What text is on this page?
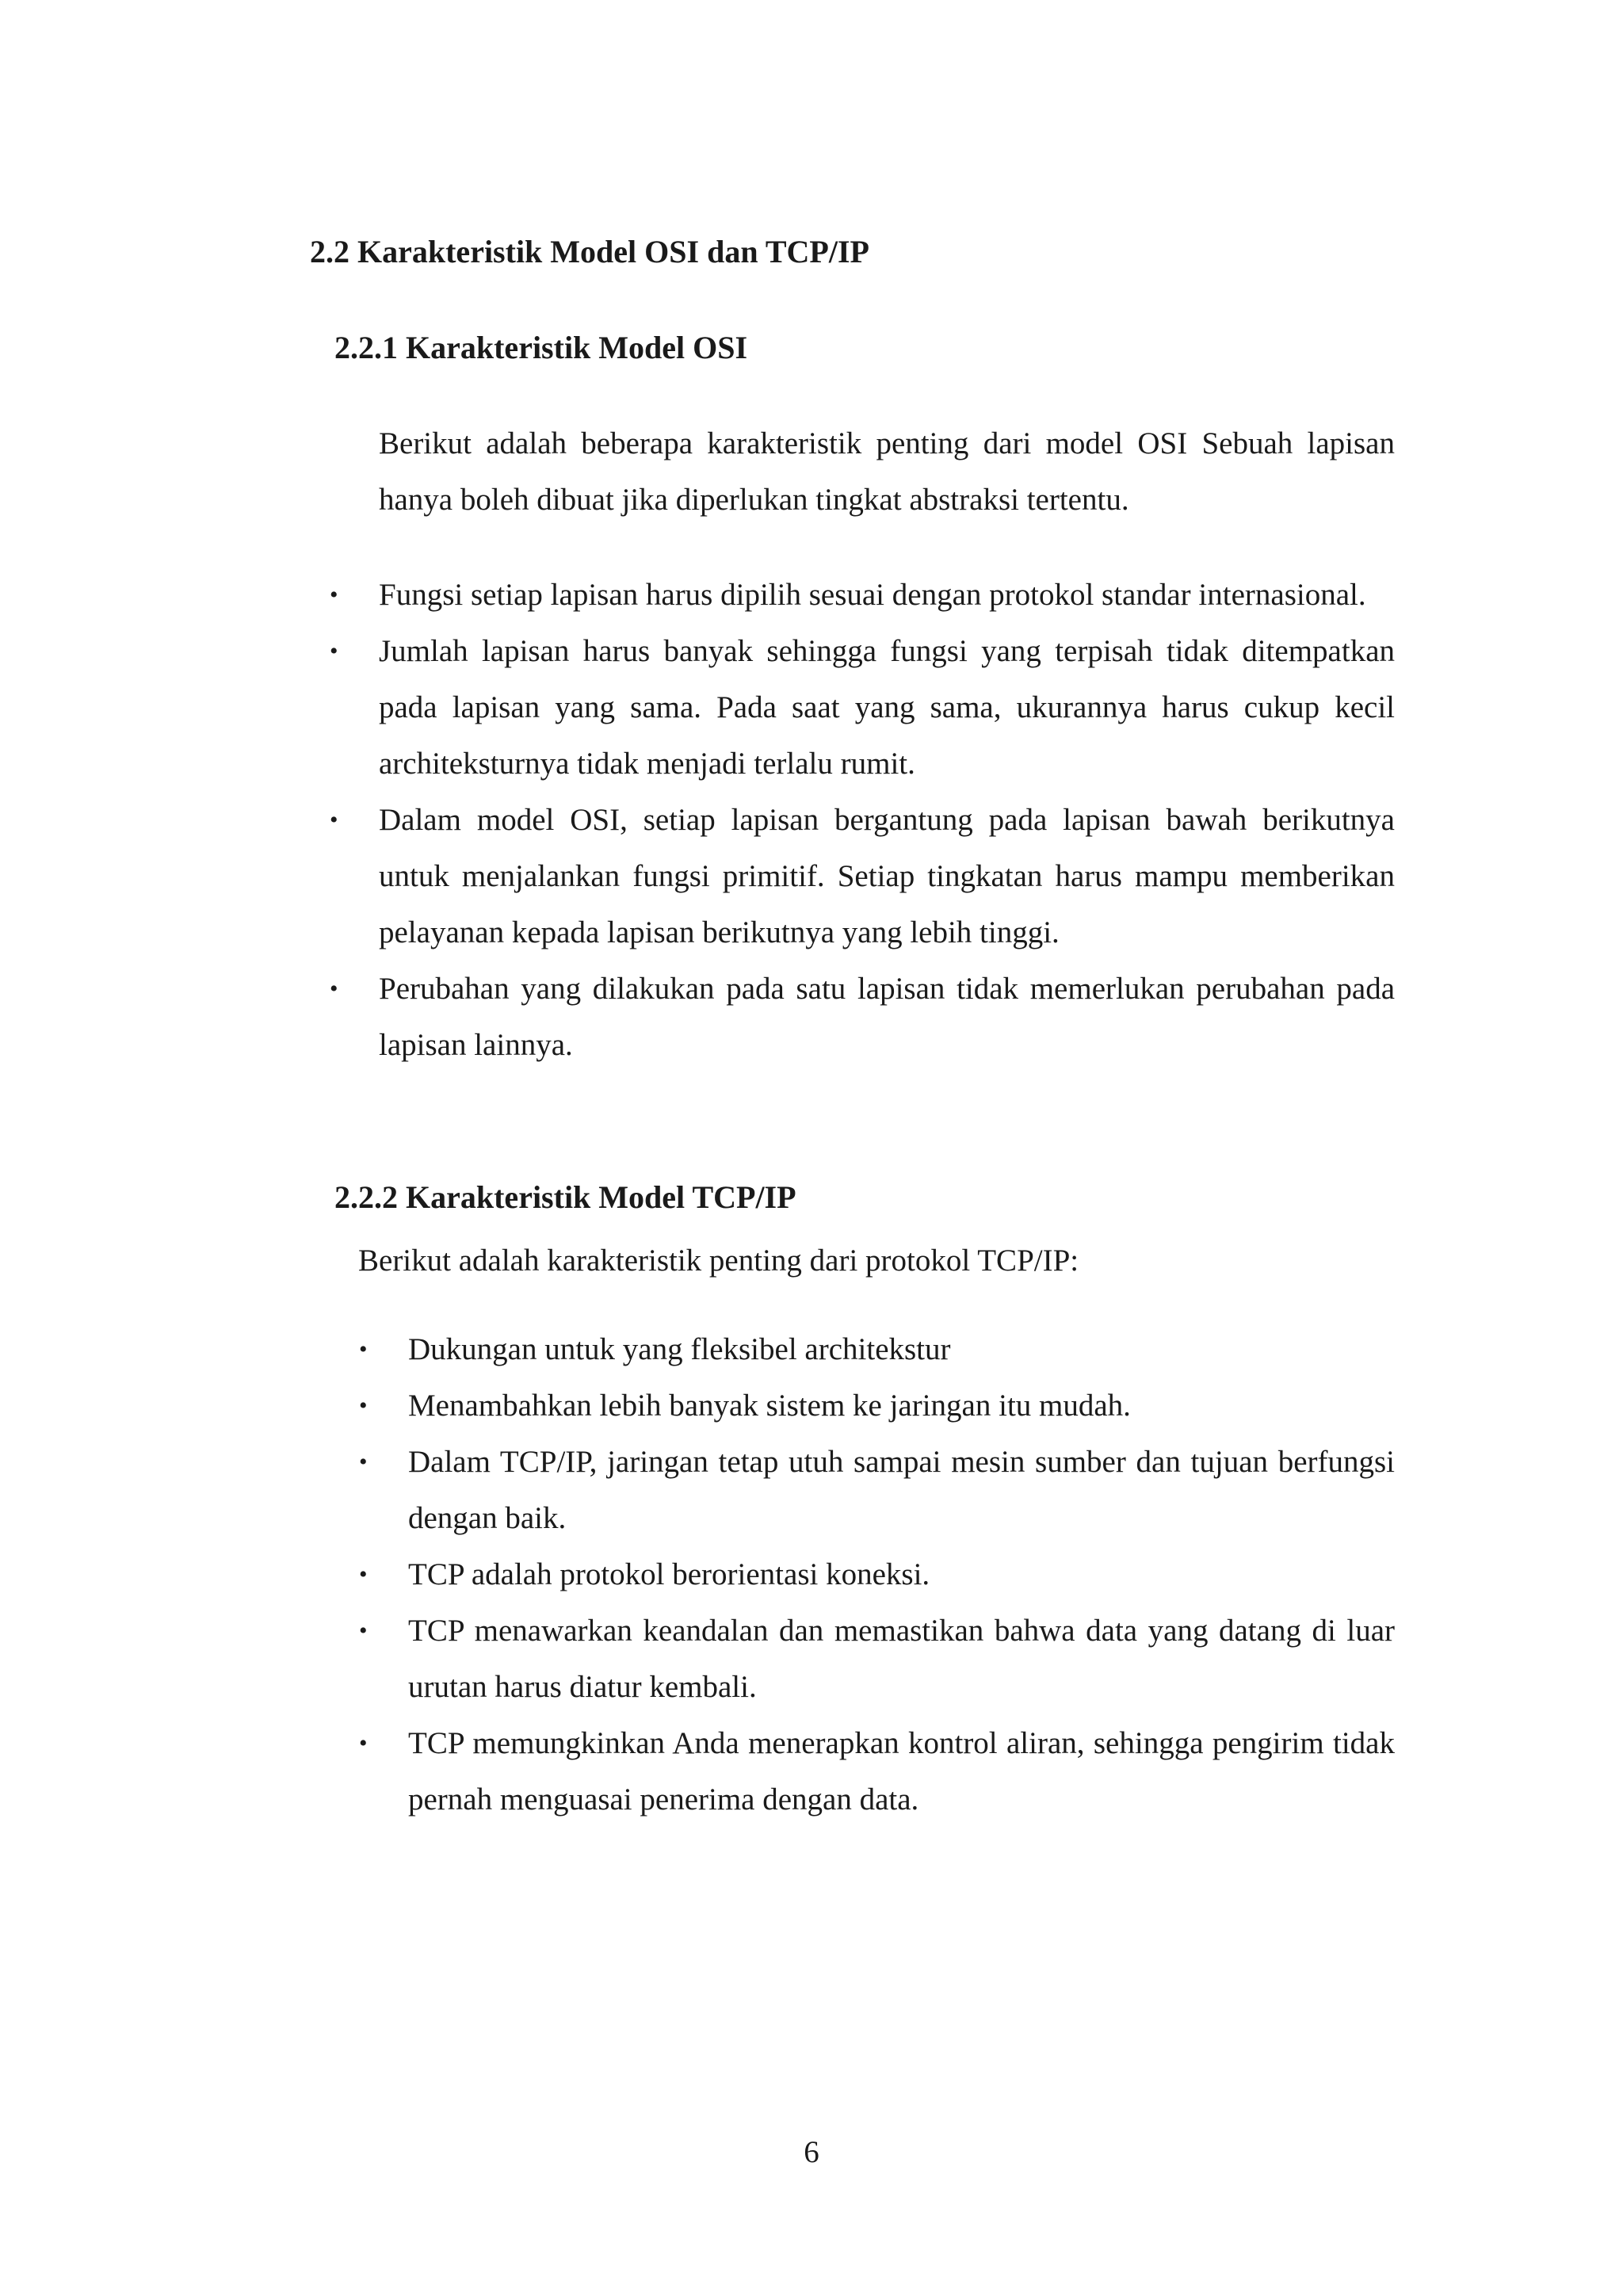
2.2 Karakteristik Model OSI dan TCP/IP
2.2.1 Karakteristik Model OSI

Berikut adalah beberapa karakteristik penting dari model OSI Sebuah lapisan hanya boleh dibuat jika diperlukan tingkat abstraksi tertentu.

• Fungsi setiap lapisan harus dipilih sesuai dengan protokol standar internasional.
• Jumlah lapisan harus banyak sehingga fungsi yang terpisah tidak ditempatkan pada lapisan yang sama. Pada saat yang sama, ukurannya harus cukup kecil architeksturnya tidak menjadi terlalu rumit.
• Dalam model OSI, setiap lapisan bergantung pada lapisan bawah berikutnya untuk menjalankan fungsi primitif. Setiap tingkatan harus mampu memberikan pelayanan kepada lapisan berikutnya yang lebih tinggi.
• Perubahan yang dilakukan pada satu lapisan tidak memerlukan perubahan pada lapisan lainnya.
2.2.2 Karakteristik Model TCP/IP

Berikut adalah karakteristik penting dari protokol TCP/IP:

• Dukungan untuk yang fleksibel architekstur
• Menambahkan lebih banyak sistem ke jaringan itu mudah.
• Dalam TCP/IP, jaringan tetap utuh sampai mesin sumber dan tujuan berfungsi dengan baik.
• TCP adalah protokol berorientasi koneksi.
• TCP menawarkan keandalan dan memastikan bahwa data yang datang di luar urutan harus diatur kembali.
• TCP memungkinkan Anda menerapkan kontrol aliran, sehingga pengirim tidak pernah menguasai penerima dengan data.

6
